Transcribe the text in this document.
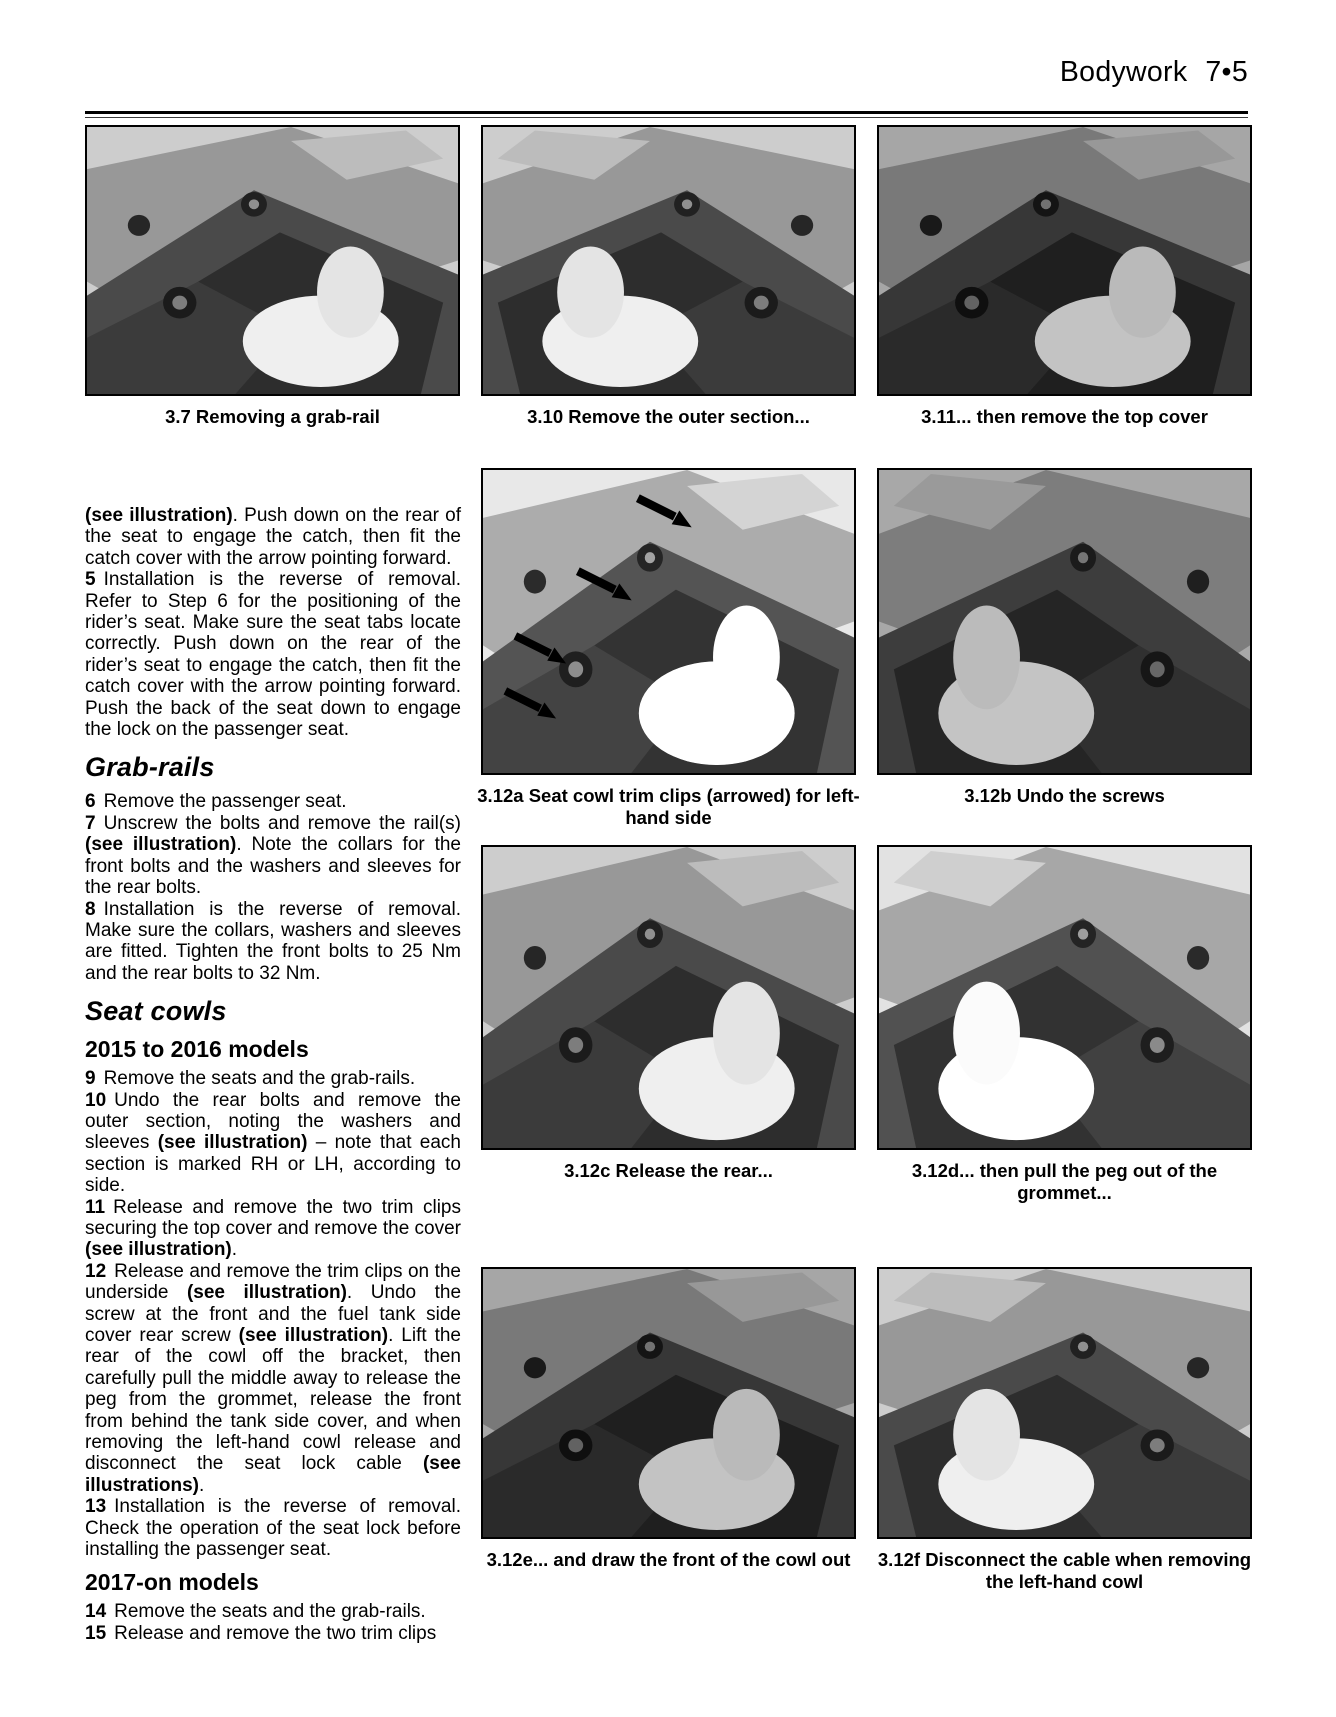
Bodywork 7•5
3.7 Removing a grab-rail	3.10 Remove the outer section...	3.11... then remove the top cover
3.12a Seat cowl trim clips (arrowed) for left-hand side
3.12b Undo the screws
3.12c Release the rear...	3.12d... then pull the peg out of the grommet...
3.12e... and draw the front of the cowl out	3.12f Disconnect the cable when removing the left-hand cowl

(see illustration). Push down on the rear of the seat to engage the catch, then fit the catch cover with the arrow pointing forward.

5 Installation is the reverse of removal. Refer to Step 6 for the positioning of the rider’s seat. Make sure the seat tabs locate correctly. Push down on the rear of the rider’s seat to engage the catch, then fit the catch cover with the arrow pointing forward. Push the back of the seat down to engage the lock on the passenger seat.

Grab-rails

6 Remove the passenger seat.

7 Unscrew the bolts and remove the rail(s) (see illustration). Note the collars for the front bolts and the washers and sleeves for the rear bolts.

8 Installation is the reverse of removal. Make sure the collars, washers and sleeves are fitted. Tighten the front bolts to 25 Nm and the rear bolts to 32 Nm.

Seat cowls
2015 to 2016 models

9 Remove the seats and the grab-rails.

10 Undo the rear bolts and remove the outer section, noting the washers and sleeves (see illustration) – note that each section is marked RH or LH, according to side.

11 Release and remove the two trim clips securing the top cover and remove the cover (see illustration).

12 Release and remove the trim clips on the underside (see illustration). Undo the screw at the front and the fuel tank side cover rear screw (see illustration). Lift the rear of the cowl off the bracket, then carefully pull the middle away to release the peg from the grommet, release the front from behind the tank side cover, and when removing the left-hand cowl release and disconnect the seat lock cable (see illustrations).

13 Installation is the reverse of removal. Check the operation of the seat lock before installing the passenger seat.

2017-on models

14 Remove the seats and the grab-rails.

15 Release and remove the two trim clips
